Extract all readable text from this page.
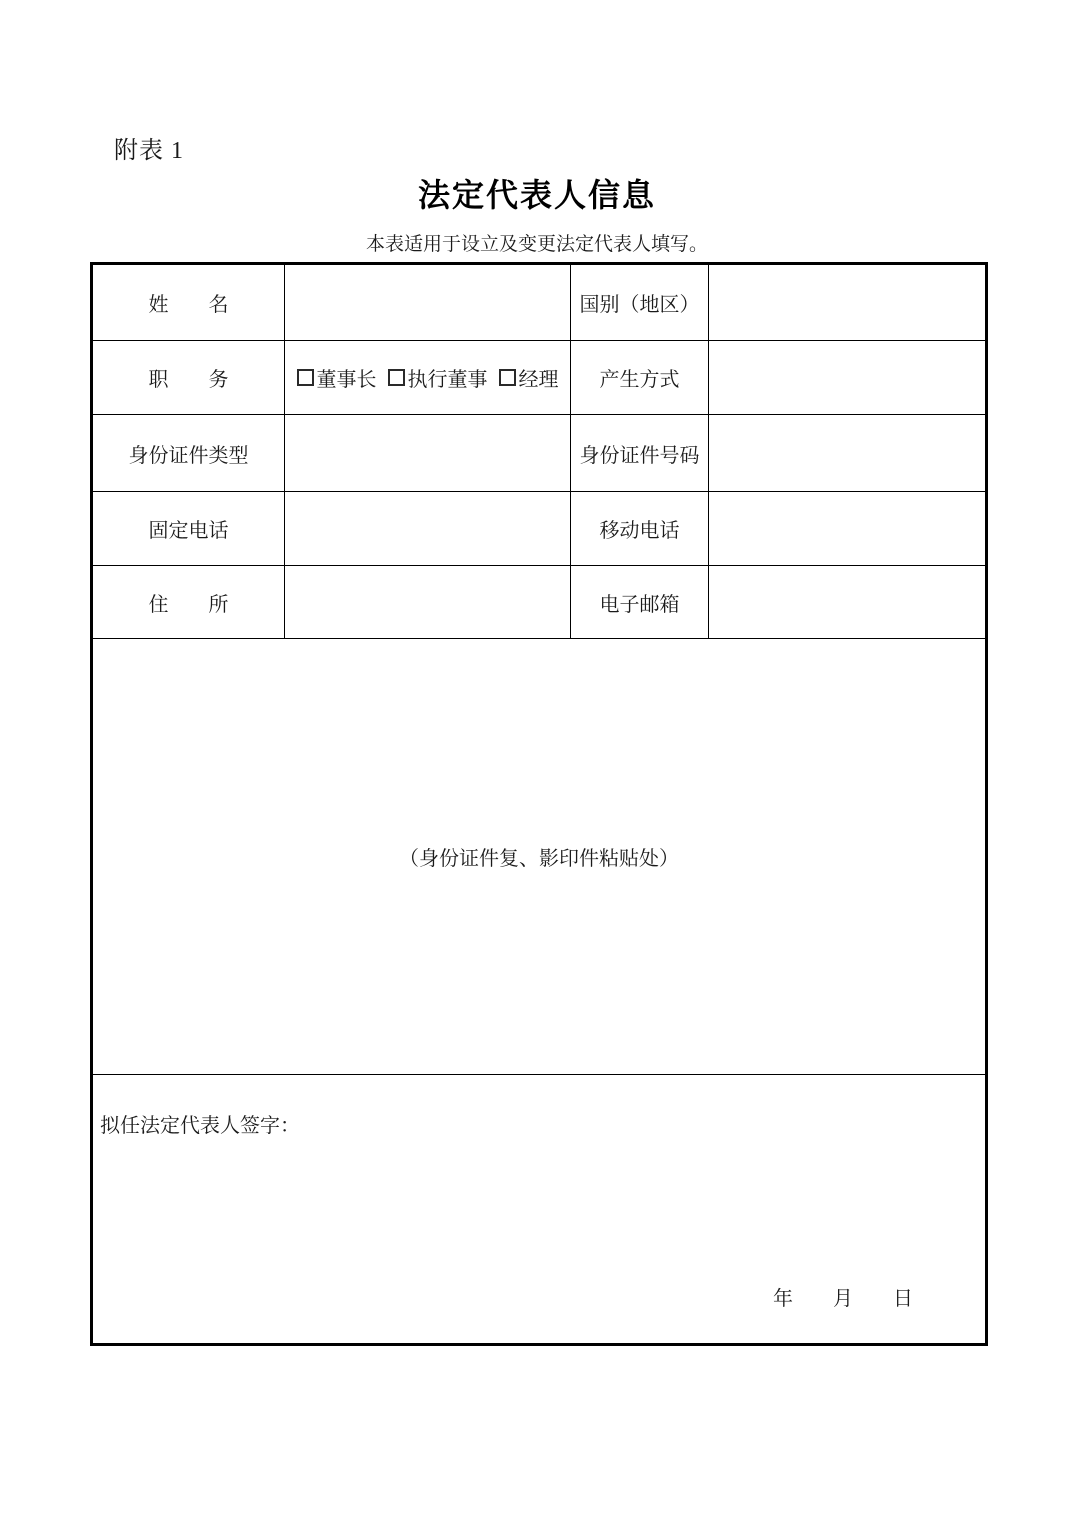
附表 1
法定代表人信息
本表适用于设立及变更法定代表人填写。
姓　　名		国别（地区）	
职　　务	董事长 执行董事 经理	产生方式	
身份证件类型		身份证件号码	
固定电话		移动电话	
住　　所		电子邮箱	
（身份证件复、影印件粘贴处）			

拟任法定代表人签字：
年　　月　　日			
